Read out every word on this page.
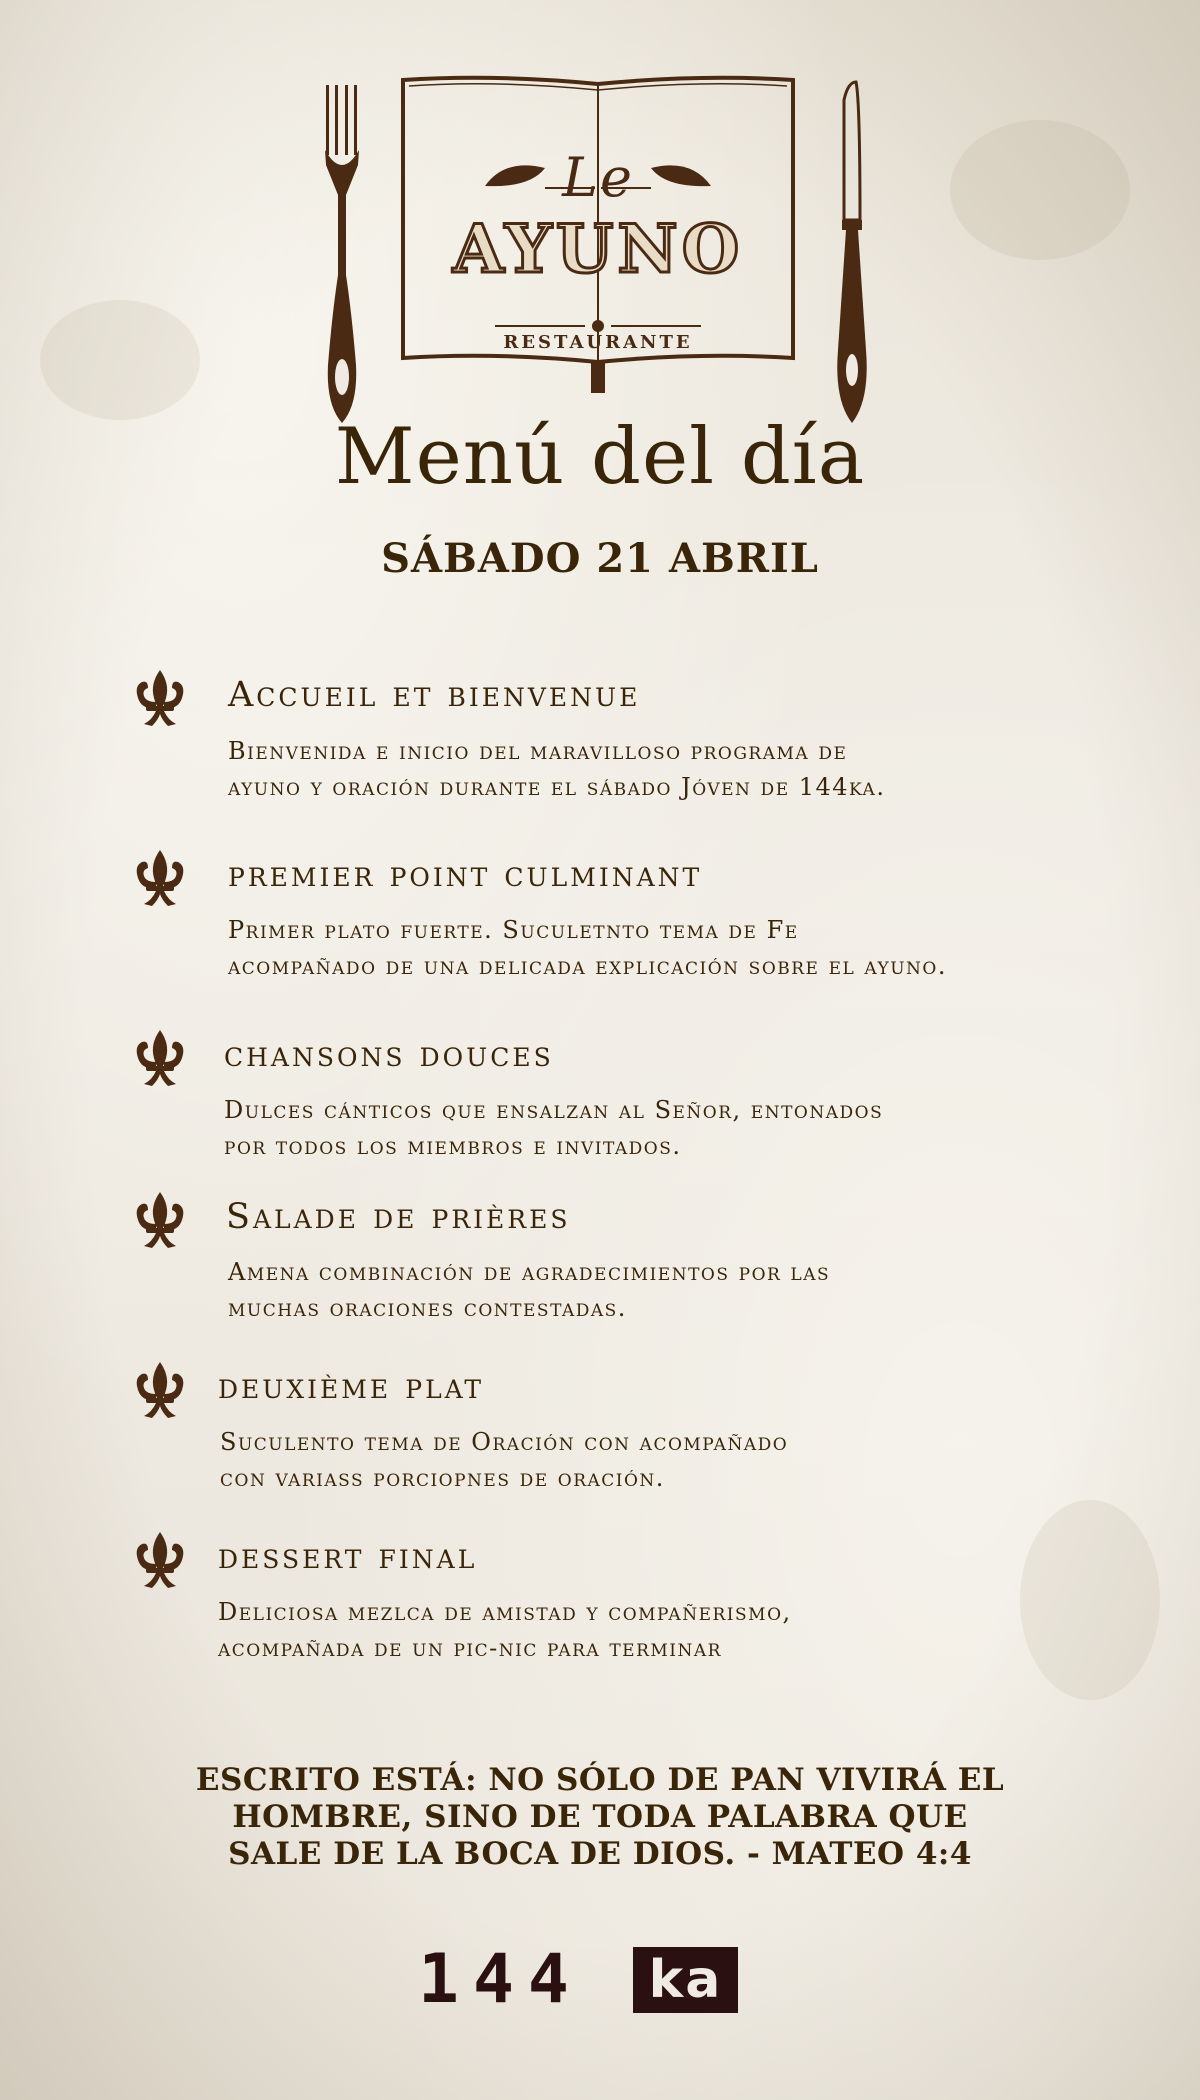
Le
AYUNO
RESTAURANTE
Menú del día
SÁBADO 21 ABRIL
Accueil et bienvenue
Bienvenida e inicio del maravilloso programa de
ayuno y oración durante el sábado Jóven de 144ka.
premier point culminant
Primer plato fuerte. Suculetnto tema de Fe
acompañado de una delicada explicación sobre el ayuno.
chansons douces
Dulces cánticos que ensalzan al Señor, entonados
por todos los miembros e invitados.
Salade de prières
Amena combinación de agradecimientos por las
muchas oraciones contestadas.
deuxième plat
Suculento tema de Oración con acompañado
con variass porciopnes de oración.
dessert final
Deliciosa mezlca de amistad y compañerismo,
acompañada de un pic-nic para terminar
ESCRITO ESTÁ: NO SÓLO DE PAN VIVIRÁ EL
HOMBRE, SINO DE TODA PALABRA QUE
SALE DE LA BOCA DE DIOS. - MATEO 4:4
144	ka
